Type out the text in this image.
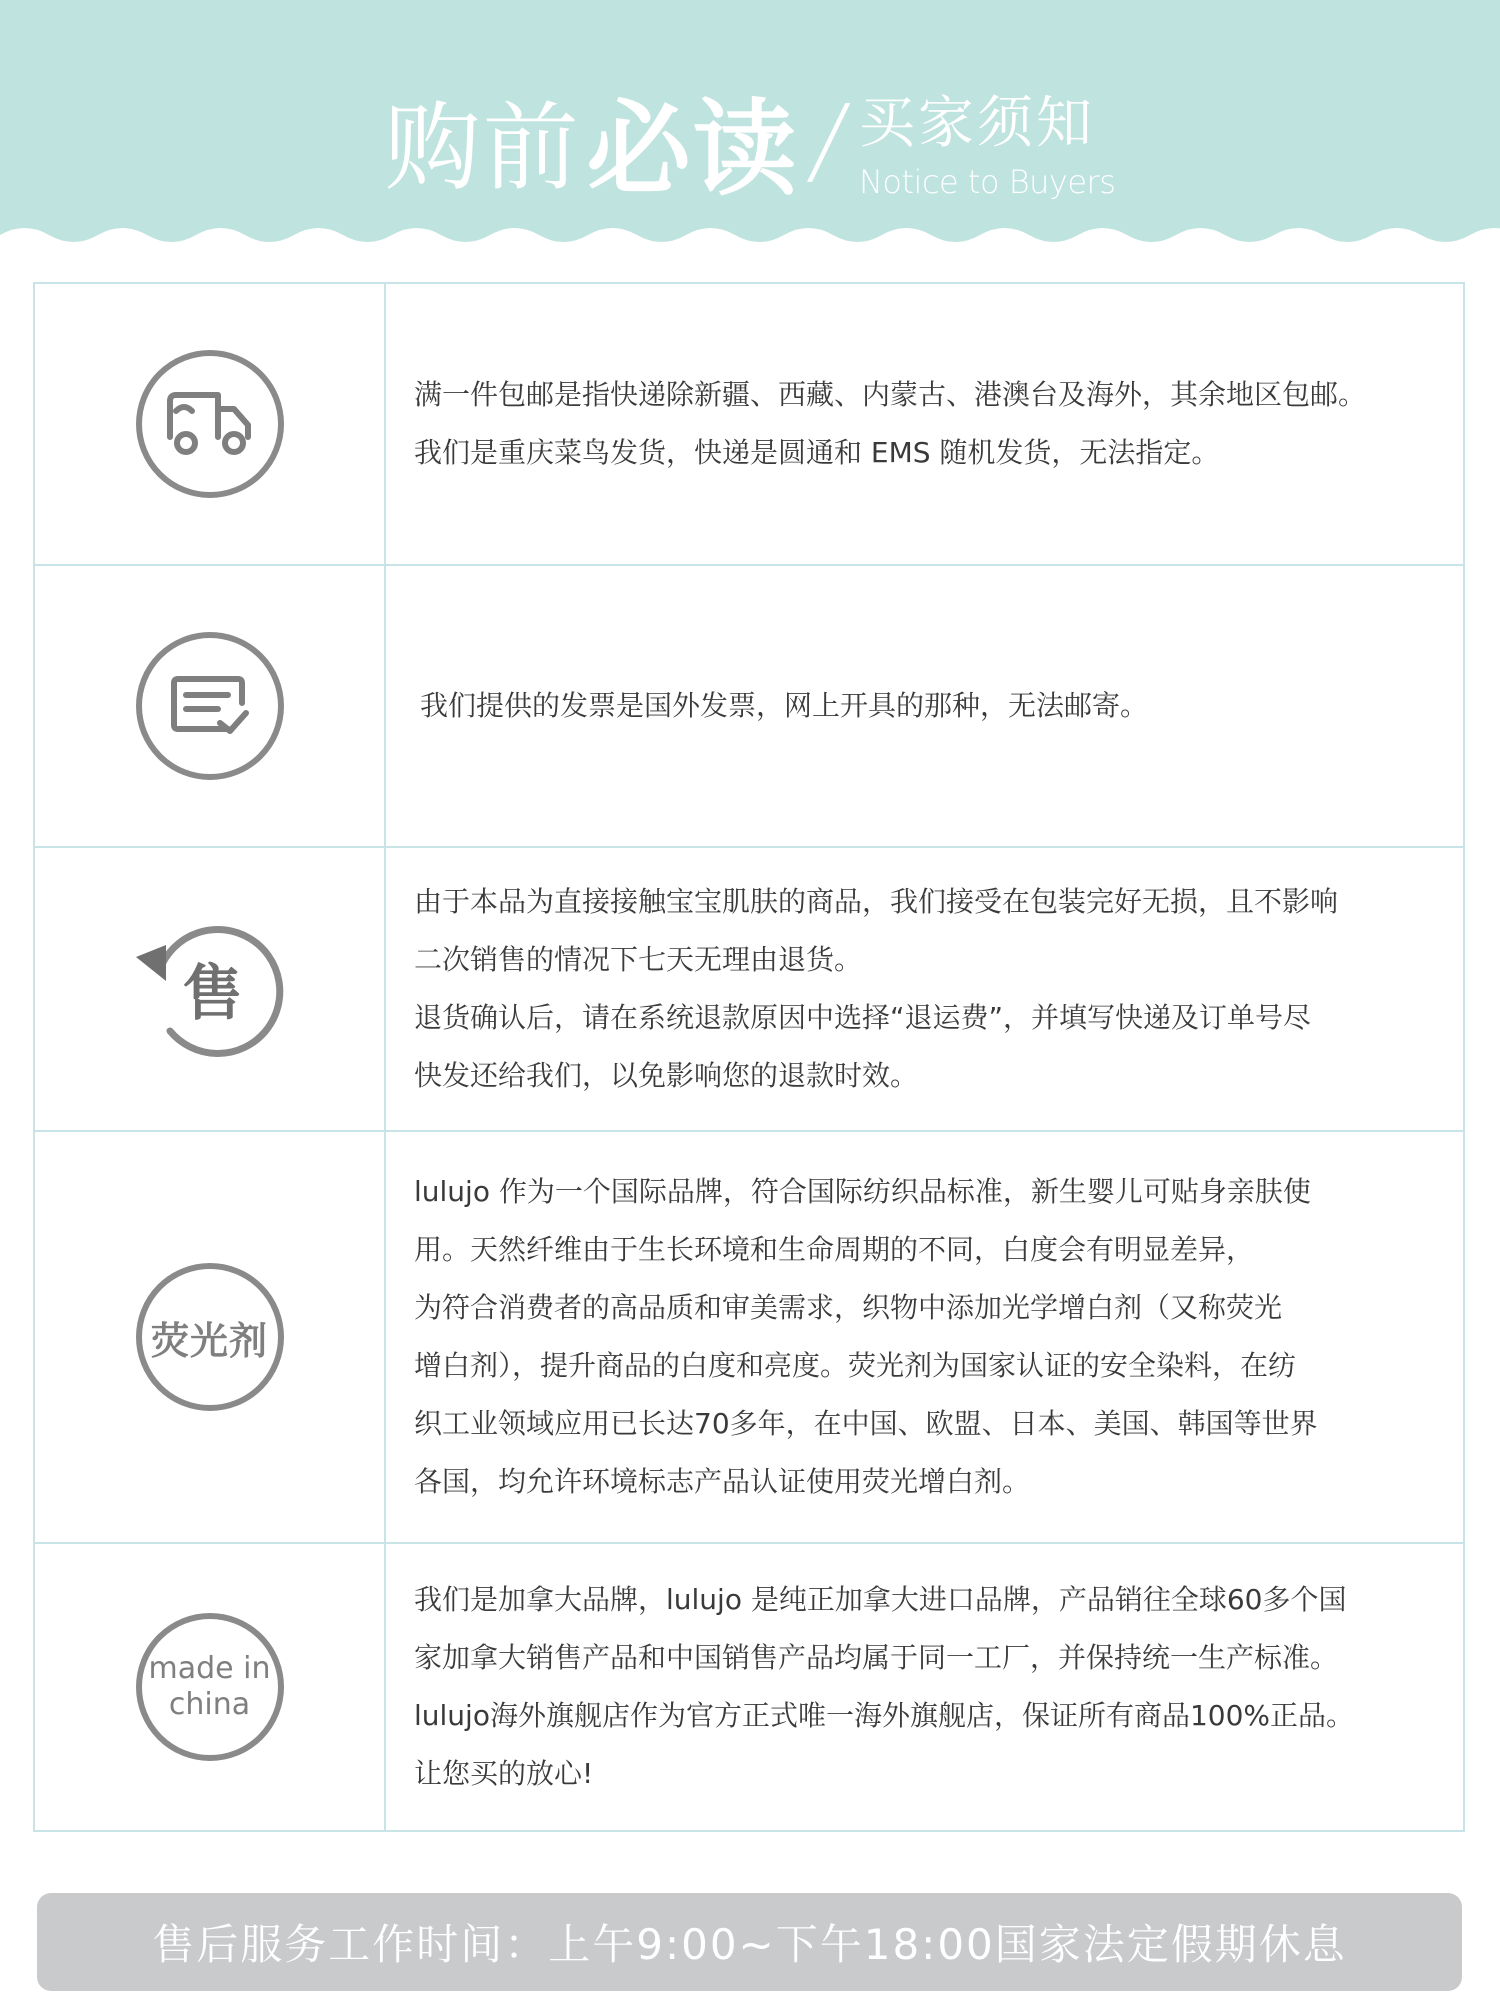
购前 必读 / 买家须知
Notice to Buyers

满一件包邮是指快递除新疆、西藏、内蒙古、港澳台及海外，其余地区包邮。

我们是重庆菜鸟发货，快递是圆通和 EMS 随机发货，无法指定。

我们提供的发票是国外发票，网上开具的那种，无法邮寄。

售

由于本品为直接接触宝宝肌肤的商品，我们接受在包装完好无损，且不影响

二次销售的情况下七天无理由退货。

退货确认后，请在系统退款原因中选择“退运费”，并填写快递及订单号尽

快发还给我们，以免影响您的退款时效。

荧光剂

lulujo 作为一个国际品牌，符合国际纺织品标准，新生婴儿可贴身亲肤使

用。天然纤维由于生长环境和生命周期的不同，白度会有明显差异，

为符合消费者的高品质和审美需求，织物中添加光学增白剂（又称荧光

增白剂），提升商品的白度和亮度。荧光剂为国家认证的安全染料，在纺

织工业领域应用已长达70多年，在中国、欧盟、日本、美国、韩国等世界

各国，均允许环境标志产品认证使用荧光增白剂。

made in
china

我们是加拿大品牌，lulujo 是纯正加拿大进口品牌，产品销往全球60多个国

家加拿大销售产品和中国销售产品均属于同一工厂，并保持统一生产标准。

lulujo海外旗舰店作为官方正式唯一海外旗舰店，保证所有商品100%正品。

让您买的放心!

售后服务工作时间：上午9:00~下午18:00国家法定假期休息
